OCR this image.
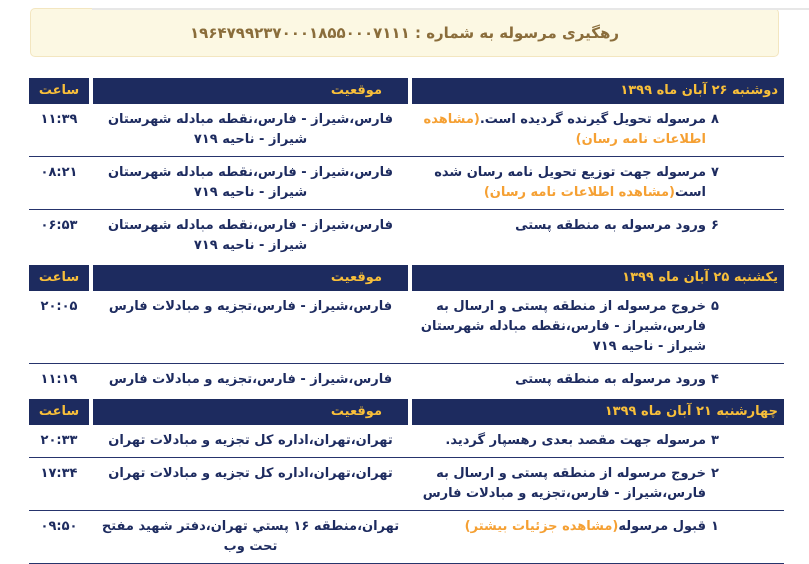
رهگیری مرسوله به شماره : ۱۹۶۴۷۹۹۲۳۷۰۰۰۱۸۵۵۰۰۰۷۱۱۱
دوشنبه ۲۶ آبان ماه ۱۳۹۹
موقعیت
ساعت
۸
مرسوله تحویل گیرنده گردیده است.(مشاهده اطلاعات نامه رسان)
فارس،شیراز - فارس،نقطه مبادله شهرستان شیراز - ناحیه ۷۱۹
۱۱:۳۹
۷
مرسوله جهت توزیع تحویل نامه رسان شده است(مشاهده اطلاعات نامه رسان)
فارس،شیراز - فارس،نقطه مبادله شهرستان شیراز - ناحیه ۷۱۹
۰۸:۲۱
۶
ورود مرسوله به منطقه پستی
فارس،شیراز - فارس،نقطه مبادله شهرستان شیراز - ناحیه ۷۱۹
۰۶:۵۳
یکشنبه ۲۵ آبان ماه ۱۳۹۹
موقعیت
ساعت
۵
خروج مرسوله از منطقه پستی و ارسال به فارس،شیراز - فارس،نقطه مبادله شهرستان شیراز - ناحیه ۷۱۹
فارس،شیراز - فارس،تجزیه و مبادلات فارس
۲۰:۰۵
۴
ورود مرسوله به منطقه پستی
فارس،شیراز - فارس،تجزیه و مبادلات فارس
۱۱:۱۹
چهارشنبه ۲۱ آبان ماه ۱۳۹۹
موقعیت
ساعت
۳
مرسوله جهت مقصد بعدی رهسپار گردید.
تهران،تهران،اداره کل تجزیه و مبادلات تهران
۲۰:۳۳
۲
خروج مرسوله از منطقه پستی و ارسال به فارس،شیراز - فارس،تجزیه و مبادلات فارس
تهران،تهران،اداره کل تجزیه و مبادلات تهران
۱۷:۳۴
۱
قبول مرسوله(مشاهده جزئیات بیشتر)
تهران،منطقه ۱۶ پستي تهران،دفتر شهید مفتح تحت وب
۰۹:۵۰
